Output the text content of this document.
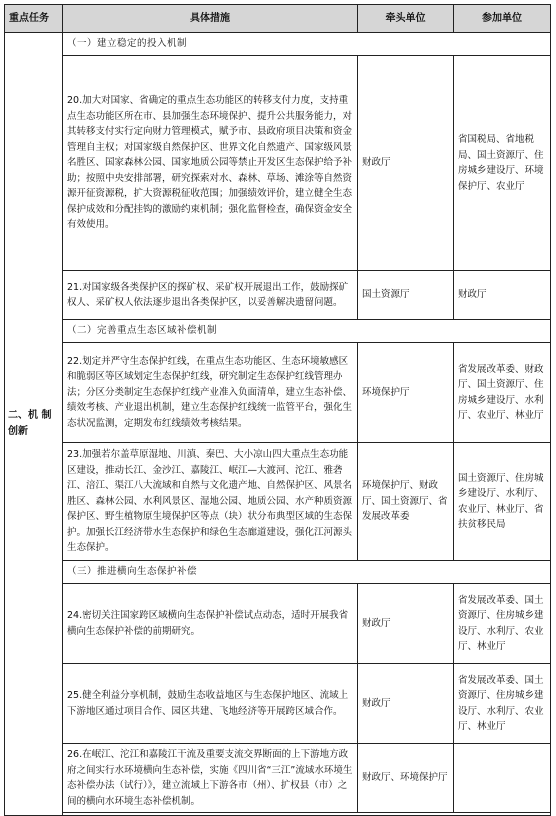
重点任务	具体措施	牵头单位	参加单位
二、机 制
创新	（一）建立稳定的投入机制		
	20.加大对国家、省确定的重点生态功能区的转移支付力度，支持重点生态功能区所在市、县加强生态环境保护、提升公共服务能力，对其转移支付实行定向财力管理模式，赋予市、县政府项目决策和资金管理自主权；对国家级自然保护区、世界文化自然遗产、国家级风景名胜区、国家森林公园、国家地质公园等禁止开发区生态保护给予补助；按照中央安排部署，研究探索对水、森林、草场、滩涂等自然资源开征资源税，扩大资源税征收范围；加强绩效评价，建立健全生态保护成效和分配挂钩的激励约束机制；强化监督检查，确保资金安全有效使用。	财政厅	省国税局、省地税局、国土资源厅、住房城乡建设厅、环境保护厅、农业厅
	21.对国家级各类保护区的探矿权、采矿权开展退出工作，鼓励探矿权人、采矿权人依法逐步退出各类保护区，以妥善解决遗留问题。	国土资源厅	财政厅
	（二）完善重点生态区域补偿机制		
	22.划定并严守生态保护红线，在重点生态功能区、生态环境敏感区和脆弱区等区域划定生态保护红线，研究制定生态保护红线管理办法；分区分类制定生态保护红线产业准入负面清单，建立生态补偿、绩效考核、产业退出机制，建立生态保护红线统一监管平台，强化生态状况监测，定期发布红线绩效考核结果。	环境保护厅	省发展改革委、财政厅、国土资源厅、住房城乡建设厅、水利厅、农业厅、林业厅
	23.加强若尔盖草原湿地、川滇、秦巴、大小凉山四大重点生态功能区建设，推动长江、金沙江、嘉陵江、岷江—大渡河、沱江、雅砻江、涪江、渠江八大流域和自然与文化遗产地、自然保护区、风景名胜区、森林公园、水利风景区、湿地公园、地质公园、水产种质资源保护区、野生植物原生境保护区等点（块）状分布典型区域的生态保护。加强长江经济带水生态保护和绿色生态廊道建设，强化江河源头生态保护。	环境保护厅、财政厅、国土资源厅、省发展改革委	国土资源厅、住房城乡建设厅、水利厅、农业厅、林业厅、省扶贫移民局
	（三）推进横向生态保护补偿		
	24.密切关注国家跨区域横向生态保护补偿试点动态，适时开展我省横向生态保护补偿的前期研究。	财政厅	省发展改革委、国土资源厅、住房城乡建设厅、水利厅、农业厅、林业厅
	25.健全利益分享机制，鼓励生态收益地区与生态保护地区、流域上下游地区通过项目合作、园区共建、飞地经济等开展跨区域合作。	财政厅	省发展改革委、国土资源厅、住房城乡建设厅、水利厅、农业厅、林业厅
	26.在岷江、沱江和嘉陵江干流及重要支流交界断面的上下游地方政府之间实行水环境横向生态补偿，实施《四川省“三江”流域水环境生态补偿办法（试行）》，建立流域上下游各市（州）、扩权县（市）之间的横向水环境生态补偿机制。	财政厅、环境保护厅	
